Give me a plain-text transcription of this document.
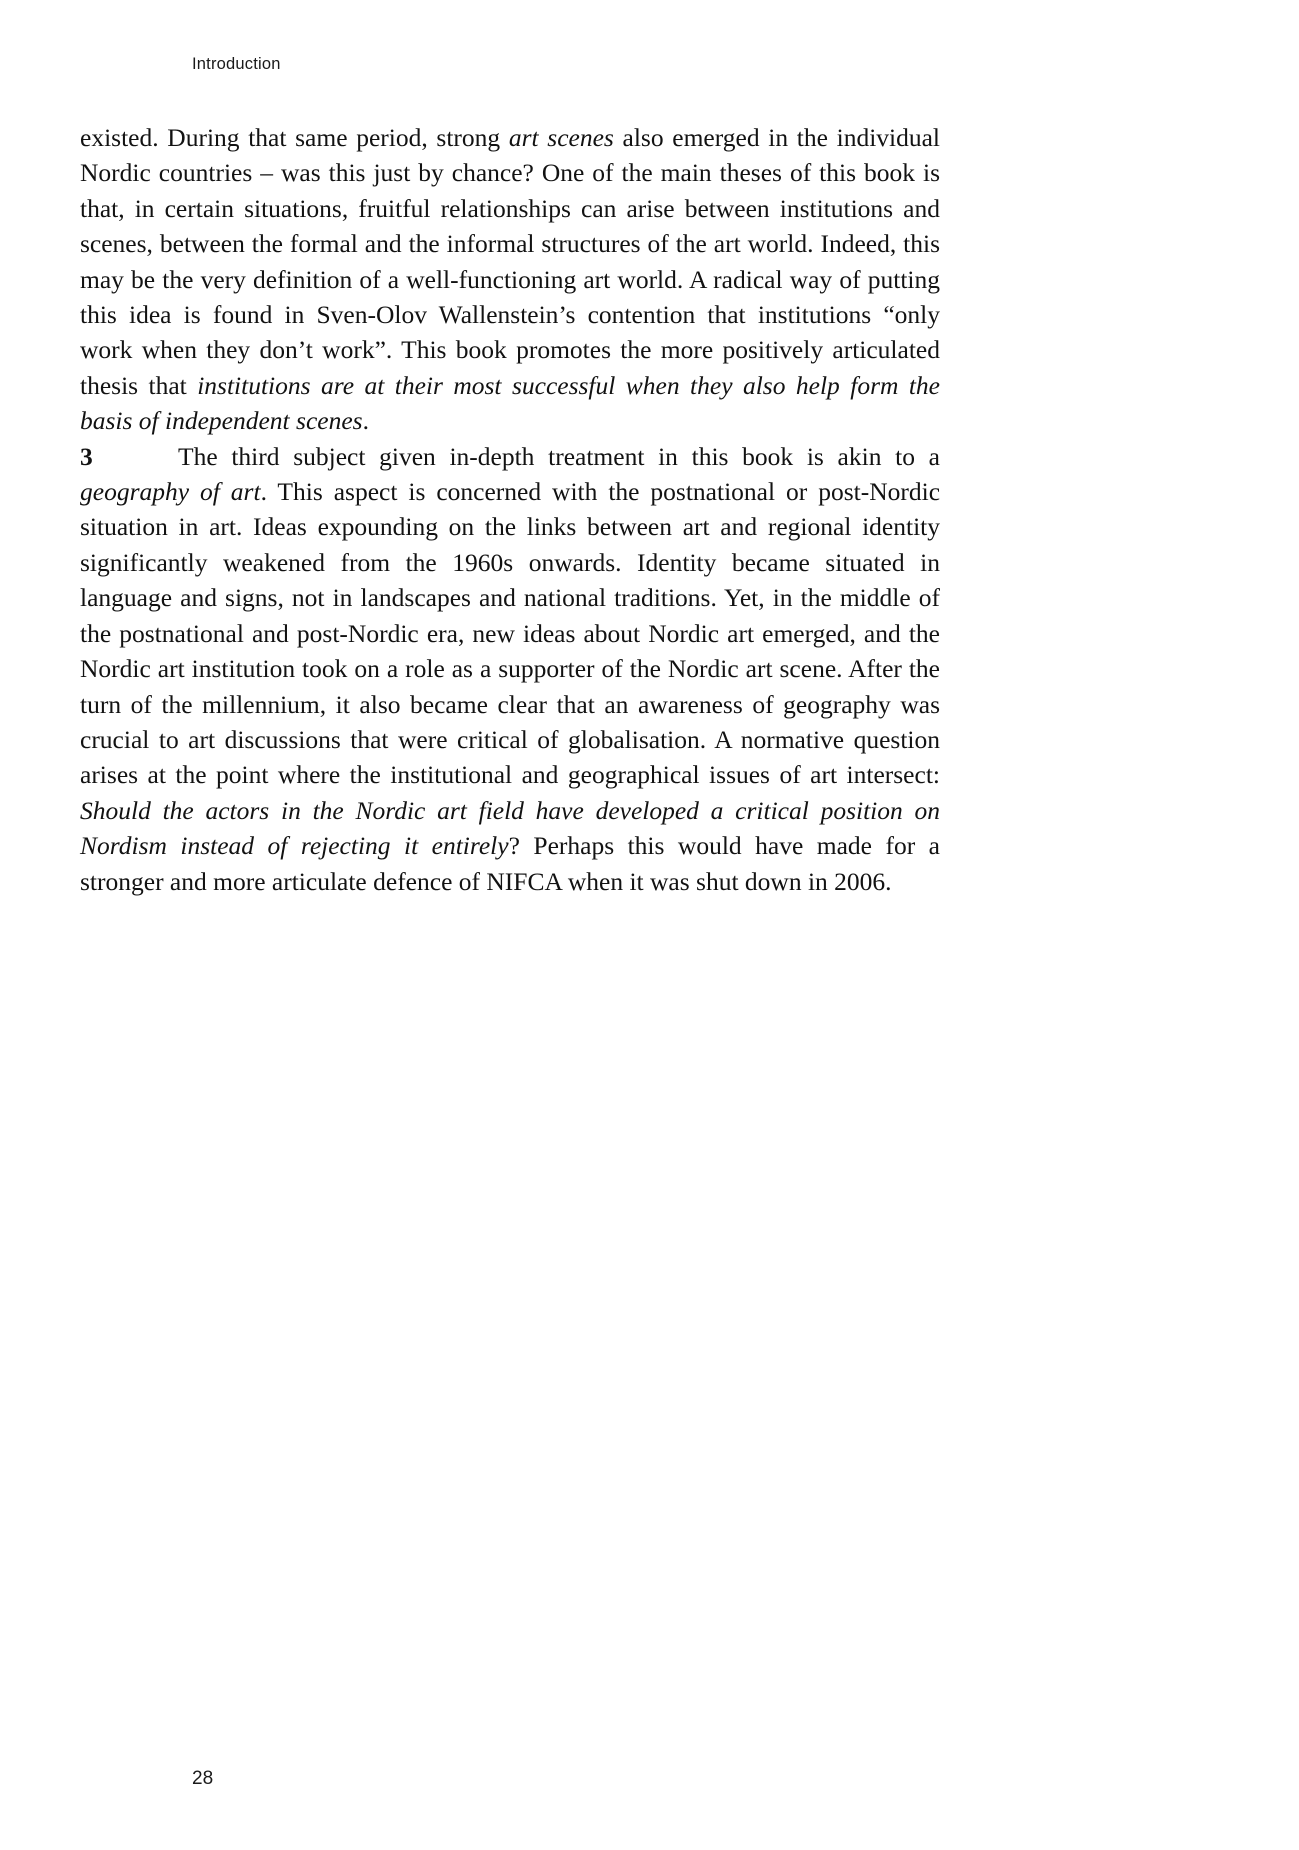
Introduction

existed. During that same period, strong art scenes also emerged in the individual Nordic countries – was this just by chance? One of the main theses of this book is that, in certain situations, fruitful relationships can arise between institutions and scenes, between the formal and the informal structures of the art world. Indeed, this may be the very definition of a well-functioning art world. A radical way of putting this idea is found in Sven-Olov Wallenstein’s contention that institutions “only work when they don’t work”. This book promotes the more positively articulated thesis that institutions are at their most successful when they also help form the basis of independent scenes.

3	The third subject given in-depth treatment in this book is akin to a geography of art. This aspect is concerned with the postnational or post-Nordic situation in art. Ideas expounding on the links between art and regional identity significantly weakened from the 1960s onwards. Identity became situated in language and signs, not in landscapes and national traditions. Yet, in the middle of the postnational and post-Nordic era, new ideas about Nordic art emerged, and the Nordic art institution took on a role as a supporter of the Nordic art scene. After the turn of the millennium, it also became clear that an awareness of geography was crucial to art discussions that were critical of globalisation. A normative question arises at the point where the institutional and geographical issues of art intersect: Should the actors in the Nordic art field have developed a critical position on Nordism instead of rejecting it entirely? Perhaps this would have made for a stronger and more articulate defence of NIFCA when it was shut down in 2006.

28
